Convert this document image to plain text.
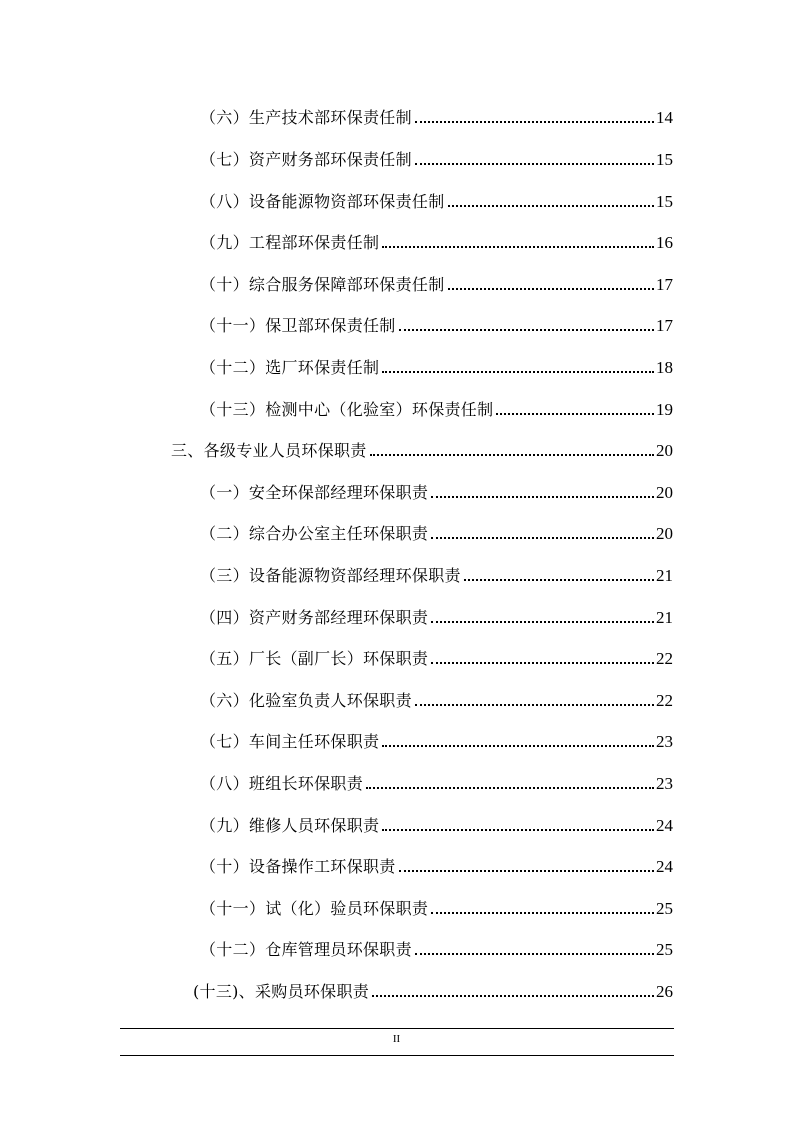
（六）生产技术部环保责任制	14
（七）资产财务部环保责任制	15
（八）设备能源物资部环保责任制	15
（九）工程部环保责任制	16
（十）综合服务保障部环保责任制	17
（十一）保卫部环保责任制	17
（十二）选厂环保责任制	18
（十三）检测中心（化验室）环保责任制	19
三、各级专业人员环保职责	20
（一）安全环保部经理环保职责	20
（二）综合办公室主任环保职责	20
（三）设备能源物资部经理环保职责	21
（四）资产财务部经理环保职责	21
（五）厂长（副厂长）环保职责	22
（六）化验室负责人环保职责	22
（七）车间主任环保职责	23
（八）班组长环保职责	23
（九）维修人员环保职责	24
（十）设备操作工环保职责	24
（十一）试（化）验员环保职责	25
（十二）仓库管理员环保职责	25
(十三)、采购员环保职责	26
II
